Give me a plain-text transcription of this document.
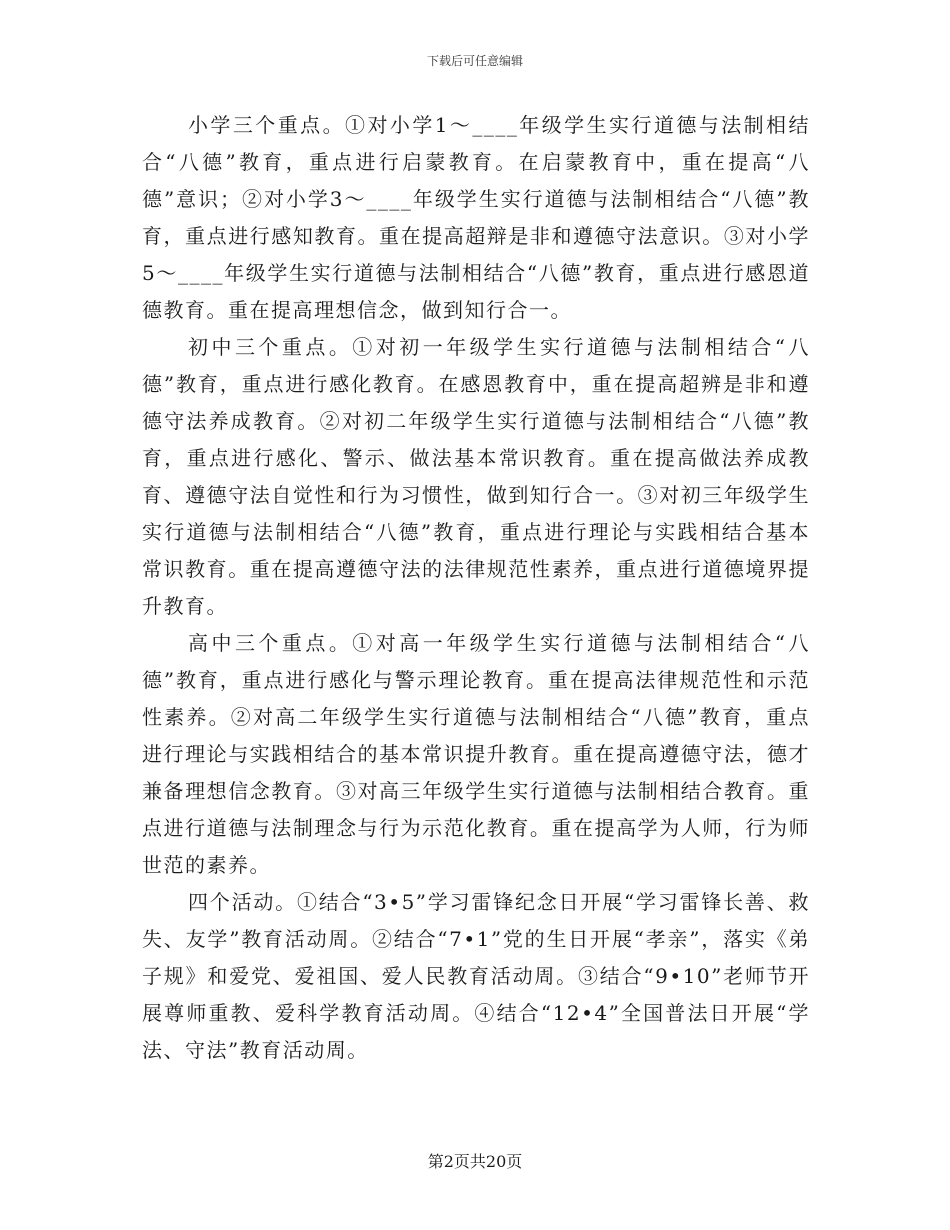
下载后可任意编辑

小学三个重点。①对小学1～____年级学生实行道德与法制相结合“八德”教育，重点进行启蒙教育。在启蒙教育中，重在提高“八德”意识；②对小学3～____年级学生实行道德与法制相结合“八德”教育，重点进行感知教育。重在提高超辩是非和遵德守法意识。③对小学5～____年级学生实行道德与法制相结合“八德”教育，重点进行感恩道德教育。重在提高理想信念，做到知行合一。

初中三个重点。①对初一年级学生实行道德与法制相结合“八德”教育，重点进行感化教育。在感恩教育中，重在提高超辨是非和遵德守法养成教育。②对初二年级学生实行道德与法制相结合“八德”教育，重点进行感化、警示、做法基本常识教育。重在提高做法养成教育、遵德守法自觉性和行为习惯性，做到知行合一。③对初三年级学生实行道德与法制相结合“八德”教育，重点进行理论与实践相结合基本常识教育。重在提高遵德守法的法律规范性素养，重点进行道德境界提升教育。

高中三个重点。①对高一年级学生实行道德与法制相结合“八德”教育，重点进行感化与警示理论教育。重在提高法律规范性和示范性素养。②对高二年级学生实行道德与法制相结合“八德”教育，重点进行理论与实践相结合的基本常识提升教育。重在提高遵德守法，德才兼备理想信念教育。③对高三年级学生实行道德与法制相结合教育。重点进行道德与法制理念与行为示范化教育。重在提高学为人师，行为师世范的素养。

四个活动。①结合“3•5”学习雷锋纪念日开展“学习雷锋长善、救失、友学”教育活动周。②结合“7•1”党的生日开展“孝亲”，落实《弟子规》和爱党、爱祖国、爱人民教育活动周。③结合“9•10”老师节开展尊师重教、爱科学教育活动周。④结合“12•4”全国普法日开展“学法、守法”教育活动周。

第2页共20页
